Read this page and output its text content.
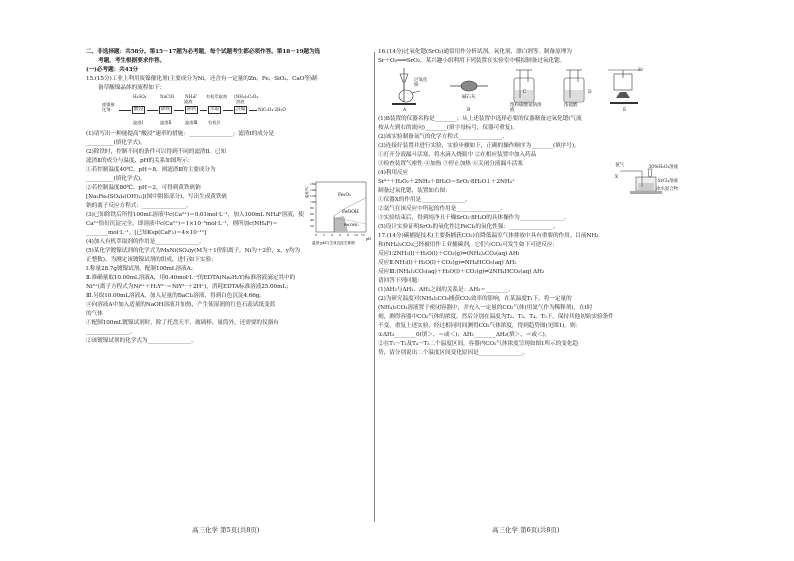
二、非选择题：共58分。第15－17题为必考题，每个试题考生都必须作答。第18－19题为选

考题，考生根据要求作答。

(一)必考题：共43分

15.(15分)工业上利用废镍催化剂(主要成分为Ni，还含有一定量的Zn、Fe、SiO₂、CaO等)制

备草酸镍晶体的流程如下：

废镍催化剂
H₂SO₄	NaClO	NH₄F 有机萃取剂 (NH₄)₂C₂O₄
滤液	溶液
酸浸	除铁	除钙	萃取	沉镍	NiC₂O₄·2H₂O
滤渣Ⅰ	滤渣Ⅱ	滤渣Ⅲ	有机层

(1)请写出一种能提高“酸浸”速率的措施：________________；滤渣Ⅰ的成分是

__________(填化学式)。

(2)除铁时，控制不同的条件可以得到不同的滤渣Ⅱ。已知

滤渣Ⅱ的成分与温度、pH的关系如图所示：

①若控制温度40℃、pH＝8，则滤渣Ⅱ的主要成分为

__________(填化学式)。

②若控制温度80℃、pH＝2，可得到黄铁矾钠

[Na₂Fe₆(SO₄)₄(OH)₁₂](图中阴影部分)，写出生成黄铁矾

钠的离子反应方程式：________________。

(3)已知除铁后所得100mL溶液中c(Ca²⁺)＝0.01mol·L⁻¹，加入100mL NH₄F溶液，使

Ca²⁺恰好沉淀完全，即溶液中c(Ca²⁺)＝1×10⁻⁵mol·L⁻¹，则所加c(NH₄F)＝

________mol·L⁻¹。[已知Ksp(CaF₂)＝4×10⁻¹¹]

(4)加入有机萃取剂的作用是________________。

(5)某化学镀镍试剂的化学式为MxNi(SO₄)y(M为＋1价阳离子，Ni为＋2价，x、y均为

正整数)。为测定该镀镍试剂的组成，进行如下实验：

Ⅰ.称量28.7g镀镍试剂，配制100mL溶液A；

Ⅱ.准确量取10.00mL溶液A，用0.40mol·L⁻¹的EDTA(Na₂H₂Y)标准溶液滴定其中的

Ni²⁺(离子方程式为Ni²⁺＋H₂Y²⁻＝NiY²⁻＋2H⁺)，消耗EDTA标准溶液25.00mL；

Ⅲ.另取10.00mL溶液A，加入足量的BaCl₂溶液，得到白色沉淀4.66g。

④向溶液A中加入适量的NaOH溶液并加热，产生使湿润的红色石蕊试纸变蓝

的气体

①配制100mL镀镍试剂时，除了托盘天平、玻璃棒、量筒外，还需要的仪器有

________________。

②该镀镍试剂的化学式为________________。

Fe₂O₃
FeOOH
Fe(OH)₃
温度/℃
160
140
120
100
80
60
40
20
0 2 4 6 8 10 12
pH
温度-pH与生成沉淀关系图
高三化学 第5页(共8页)

16.(14分)过氧化锶(SrO₂)通常用作分析试剂、氧化剂、漂白剂等。制备原理为

Sr＋O₂═══SrO₂。某兴趣小组利用下列装置在实验室中模拟制备过氧化锶。

过氧化钠
碱石灰
饱和碳酸氢钠溶液
浓硫酸
Sr
A	B
C	D
E

(1)B装置的仪器名称是________；从上述装置中选择必要的仪器制备过氧化锶(气流

按从左到右的流向)________(填字母标号，仪器可重复)。

(2)该实验制备氧气的化学方程式________________。

(3)连接好装置并进行实验，实验步骤如下，正确的操作顺序为________(填序号)。

①打开分液漏斗活塞，将水滴入烧瓶中 ②在相应装置中加入药品

③检查装置气密性 ④加热 ⑤停止加热 ⑥关闭分液漏斗活塞

(4)利用反应

Sr²⁺＋H₂O₂＋2NH₃＋8H₂O＝SrO₂·8H₂O↓＋2NH₄⁺

制备过氧化锶，装置如右图：

氨气
X
30%H₂O₂溶液
SrCl₂溶液
冰水混合物

①仪器X的作用是________________。

②氨气在该反应中所起的作用是________________。

③实验结束后，得到纯净且干燥SrO₂·8H₂O的具体操作为________________。

(5)设计实验证明SrO₂的氧化性比FeCl₃的氧化性强：________________。

17.(14分)碳捕捉技术(主要指捕获CO₂)在降低温室气体排放中具有重要的作用。目前NH₃

和(NH₄)₂CO₃已经被用作工业捕碳剂，它们与CO₂可发生如下可逆反应：

反应Ⅰ:2NH₃(l)＋H₂O(l)＋CO₂(g)⇌(NH₄)₂CO₃(aq) ΔH₁

反应Ⅱ:NH₃(l)＋H₂O(l)＋CO₂(g)⇌NH₄HCO₃(aq) ΔH₂

反应Ⅲ:(NH₄)₂CO₃(aq)＋H₂O(l)＋CO₂(g)⇌2NH₄HCO₃(aq) ΔH₃

请回答下列问题：

(1)ΔH₃与ΔH₁、ΔH₂之间的关系是：ΔH₃＝________。

(2)为研究温度对(NH₄)₂CO₃捕获CO₂效率的影响，在某温度T₁下，将一定量的

(NH₄)₂CO₃溶液置于密闭容器中，并充入一定量的CO₂气体(用氮气作为稀释剂)，在t时

刻，测得容器中CO₂气体的浓度。然后分别在温度为T₂、T₃、T₄、T₅下，保持其他初始实验条件

不变，重复上述实验，经过相同时间测得CO₂气体浓度，得到趋势图(见图1)。则：

①ΔH₃________0(填＞、＝或＜)；ΔH₁________ΔH₂(填＞、＝或＜)。

②在T₁～T₂及T₄～T₅二个温度区间，容器内CO₂气体浓度呈现如图1所示的变化趋

势，请分别说出二个温度区间变化原因是________________。

高三化学 第6页(共8页)
